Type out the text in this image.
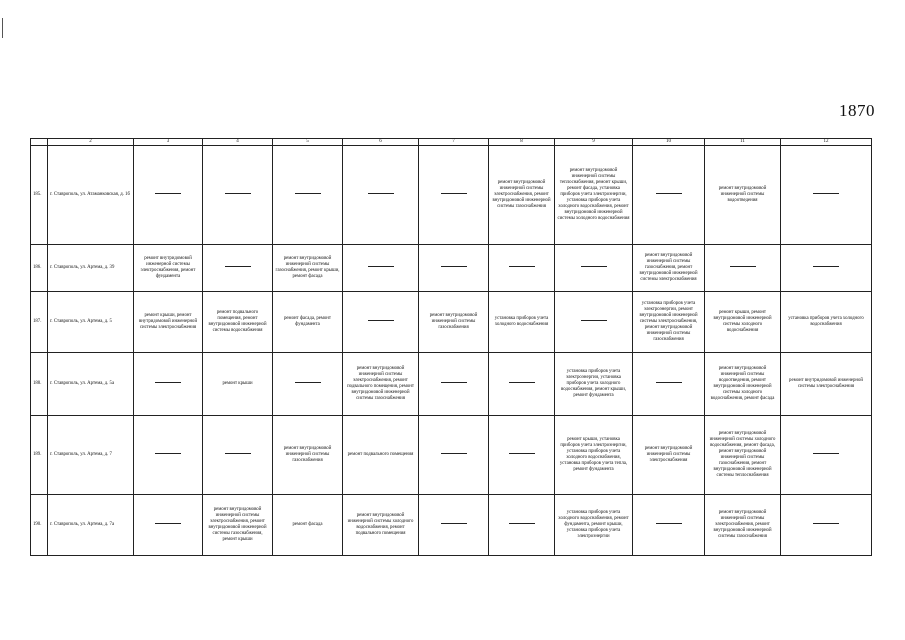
1870
	2	3	4	5	6	7	8	9	10	11	12
185.	г. Ставрополь, ул. Атаманковская, д. 1б						ремонт внутридомовой инженерной системы электроснабжения, ремонт внутридомовой инженерной системы газоснабжения	ремонт внутридомовой инженерной системы теплоснабжения, ремонт крыши, ремонт фасада, установка приборов учета электроэнергии, установка приборов учета холодного водоснабжения, ремонт внутридомовой инженерной системы холодного водоснабжения		ремонт внутридомовой инженерной системы водоотведения	
186.	г. Ставрополь, ул. Артема, д. 39	ремонт внутридомовой инженерной системы электроснабжения, ремонт фундамента		ремонт внутридомовой инженерной системы газоснабжения, ремонт крыши, ремонт фасада					ремонт внутридомовой инженерной системы газоснабжения, ремонт внутридомовой инженерной системы электроснабжения		
187.	г. Ставрополь, ул. Артема, д. 5	ремонт крыши, ремонт внутридомовой инженерной системы электроснабжения	ремонт подвального помещения, ремонт внутридомовой инженерной системы водоснабжения	ремонт фасада, ремонт фундамента		ремонт внутридомовой инженерной системы газоснабжения	установка приборов учета холодного водоснабжения		установка приборов учета электроэнергии, ремонт внутридомовой инженерной системы электроснабжения, ремонт внутридомовой инженерной системы газоснабжения	ремонт крыши, ремонт внутридомовой инженерной системы холодного водоснабжения	установка приборов учета холодного водоснабжения
188.	г. Ставрополь, ул. Артема, д. 5а		ремонт крыши		ремонт внутридомовой инженерной системы электроснабжения, ремонт подвального помещения, ремонт внутридомовой инженерной системы газоснабжения			установка приборов учета электроэнергии, установка приборов учета холодного водоснабжения, ремонт крыши, ремонт фундамента		ремонт внутридомовой инженерной системы водоотведения, ремонт внутридомовой инженерной системы холодного водоснабжения, ремонт фасада	ремонт внутридомовой инженерной системы электроснабжения
189.	г. Ставрополь, ул. Артема, д. 7			ремонт внутридомовой инженерной системы газоснабжения	ремонт подвального помещения			ремонт крыши, установка приборов учета электроэнергии, установка приборов учета холодного водоснабжения, установка приборов учета тепла, ремонт фундамента	ремонт внутридомовой инженерной системы электроснабжения	ремонт внутридомовой инженерной системы холодного водоснабжения, ремонт фасада, ремонт внутридомовой инженерной системы газоснабжения, ремонт внутридомовой инженерной системы теплоснабжения	
190.	г. Ставрополь, ул. Артема, д. 7а		ремонт внутридомовой инженерной системы электроснабжения, ремонт внутридомовой инженерной системы газоснабжения, ремонт крыши	ремонт фасада	ремонт внутридомовой инженерной системы холодного водоснабжения, ремонт подвального помещения			установка приборов учета холодного водоснабжения, ремонт фундамента, ремонт крыши, установка приборов учета электроэнергии		ремонт внутридомовой инженерной системы электроснабжения, ремонт внутридомовой инженерной системы газоснабжения	
